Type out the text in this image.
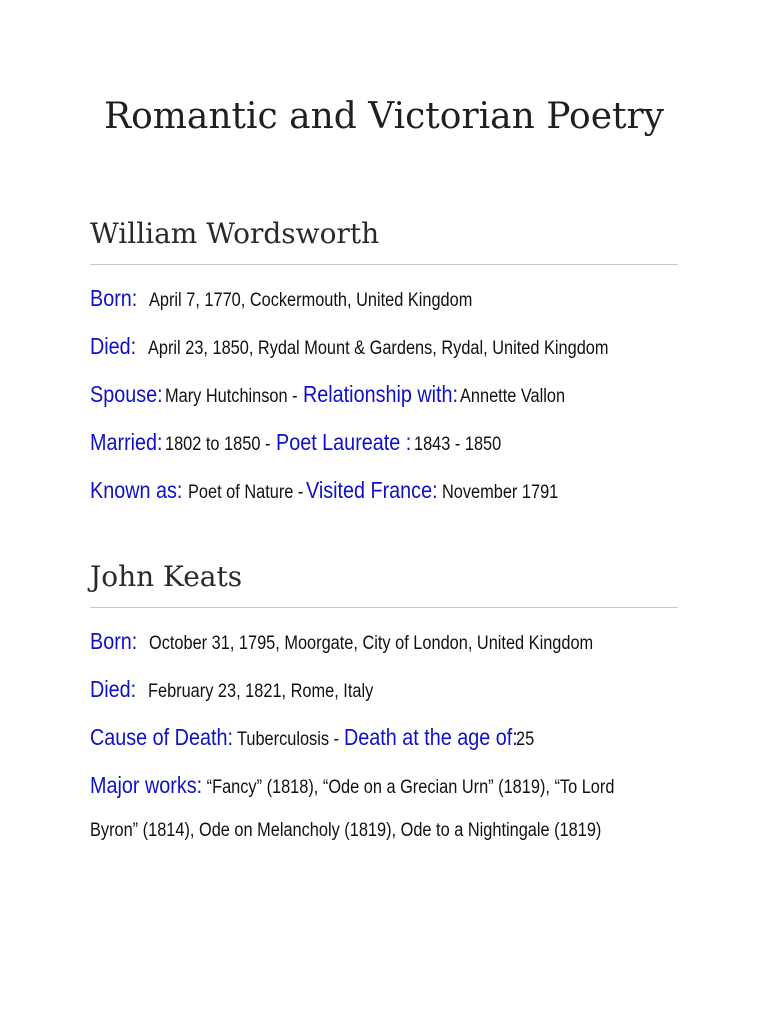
Romantic and Victorian Poetry
William Wordsworth
Born: April 7, 1770, Cockermouth, United Kingdom
Died: April 23, 1850, Rydal Mount & Gardens, Rydal, United Kingdom
Spouse: Mary Hutchinson - Relationship with: Annette Vallon
Married: 1802 to 1850 - Poet Laureate : 1843 - 1850
Known as: Poet of Nature - Visited France: November 1791
John Keats
Born: October 31, 1795, Moorgate, City of London, United Kingdom
Died: February 23, 1821, Rome, Italy
Cause of Death: Tuberculosis - Death at the age of: 25
Major works: “Fancy” (1818), “Ode on a Grecian Urn” (1819), “To Lord Byron” (1814), Ode on Melancholy (1819), Ode to a Nightingale (1819)
